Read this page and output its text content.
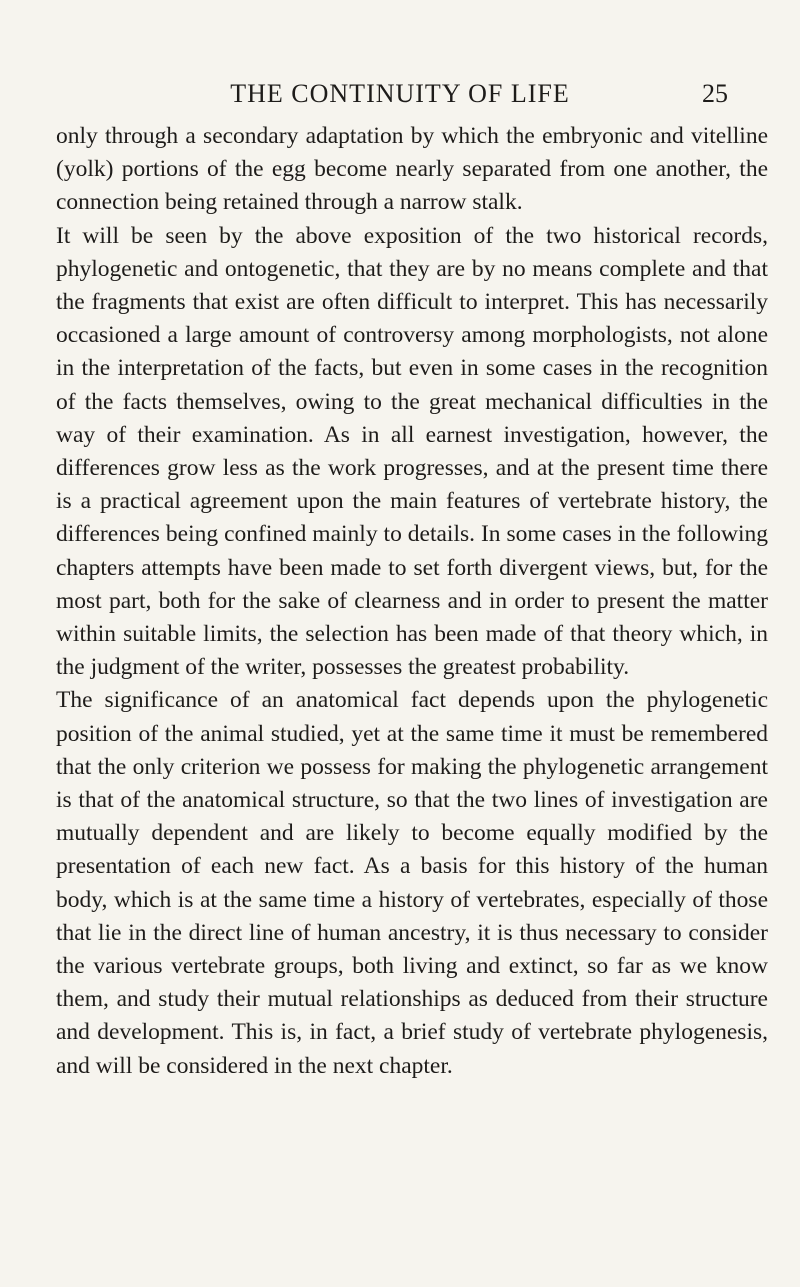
THE CONTINUITY OF LIFE	25

only through a secondary adaptation by which the embryonic and vitelline (yolk) portions of the egg become nearly separated from one another, the connection being retained through a narrow stalk.

It will be seen by the above exposition of the two historical records, phylogenetic and ontogenetic, that they are by no means complete and that the fragments that exist are often difficult to interpret. This has necessarily occasioned a large amount of controversy among morphologists, not alone in the interpretation of the facts, but even in some cases in the recognition of the facts themselves, owing to the great mechanical difficulties in the way of their examination. As in all earnest investigation, however, the differences grow less as the work progresses, and at the present time there is a practical agreement upon the main features of vertebrate history, the differences being confined mainly to details. In some cases in the following chapters attempts have been made to set forth divergent views, but, for the most part, both for the sake of clearness and in order to present the matter within suitable limits, the selection has been made of that theory which, in the judgment of the writer, possesses the greatest probability.

The significance of an anatomical fact depends upon the phylogenetic position of the animal studied, yet at the same time it must be remembered that the only criterion we possess for making the phylogenetic arrangement is that of the anatomical structure, so that the two lines of investigation are mutually dependent and are likely to become equally modified by the presentation of each new fact. As a basis for this history of the human body, which is at the same time a history of vertebrates, especially of those that lie in the direct line of human ancestry, it is thus necessary to consider the various vertebrate groups, both living and extinct, so far as we know them, and study their mutual relationships as deduced from their structure and development. This is, in fact, a brief study of vertebrate phylogenesis, and will be considered in the next chapter.
